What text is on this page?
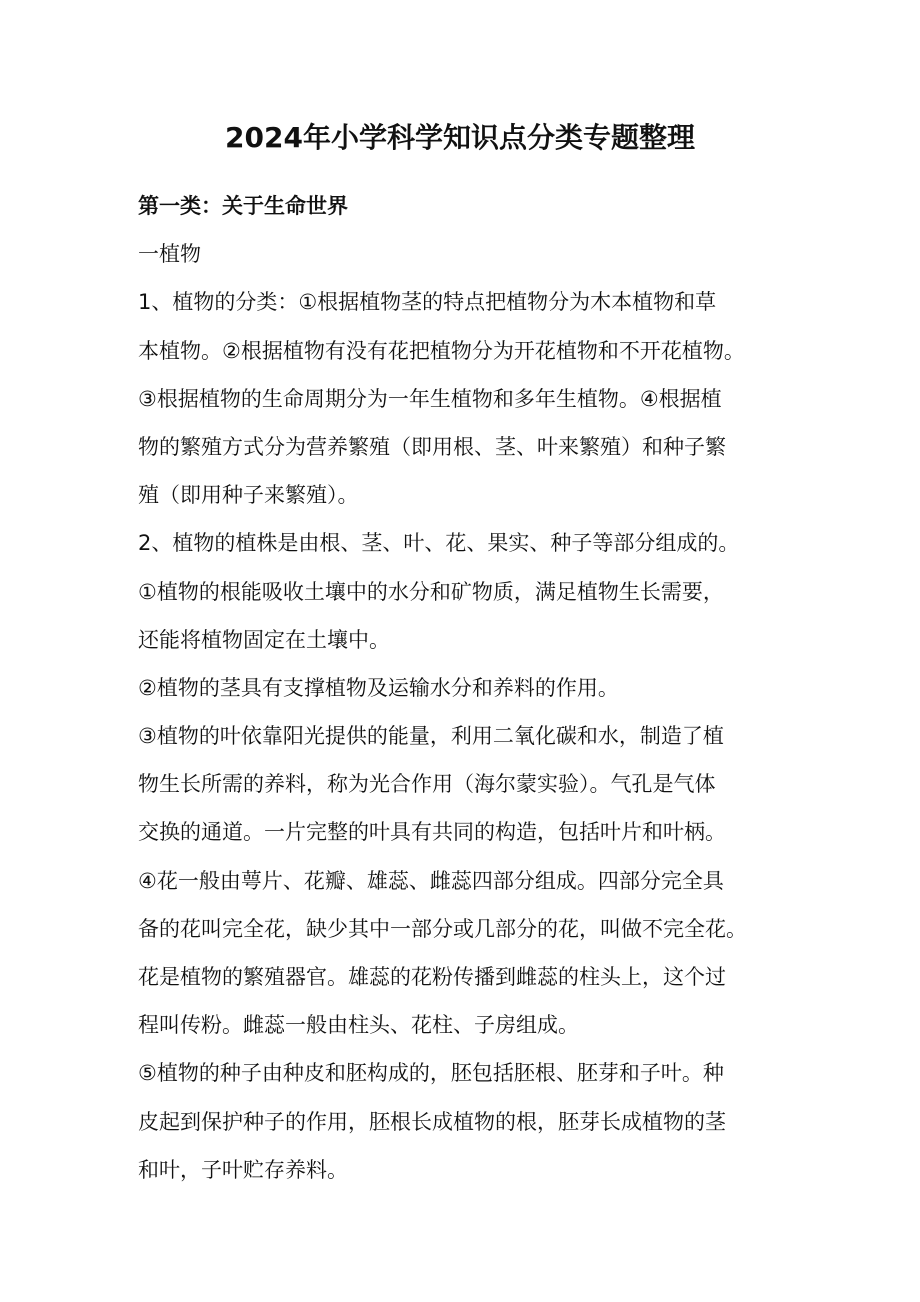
2024年小学科学知识点分类专题整理
第一类：关于生命世界
一植物
1、植物的分类：①根据植物茎的特点把植物分为木本植物和草
本植物。②根据植物有没有花把植物分为开花植物和不开花植物。
③根据植物的生命周期分为一年生植物和多年生植物。④根据植
物的繁殖方式分为营养繁殖（即用根、茎、叶来繁殖）和种子繁
殖（即用种子来繁殖）。
2、植物的植株是由根、茎、叶、花、果实、种子等部分组成的。
①植物的根能吸收土壤中的水分和矿物质，满足植物生长需要，
还能将植物固定在土壤中。
②植物的茎具有支撑植物及运输水分和养料的作用。
③植物的叶依靠阳光提供的能量，利用二氧化碳和水，制造了植
物生长所需的养料，称为光合作用（海尔蒙实验）。气孔是气体
交换的通道。一片完整的叶具有共同的构造，包括叶片和叶柄。
④花一般由萼片、花瓣、雄蕊、雌蕊四部分组成。四部分完全具
备的花叫完全花，缺少其中一部分或几部分的花，叫做不完全花。
花是植物的繁殖器官。雄蕊的花粉传播到雌蕊的柱头上，这个过
程叫传粉。雌蕊一般由柱头、花柱、子房组成。
⑤植物的种子由种皮和胚构成的，胚包括胚根、胚芽和子叶。种
皮起到保护种子的作用，胚根长成植物的根，胚芽长成植物的茎
和叶，子叶贮存养料。
